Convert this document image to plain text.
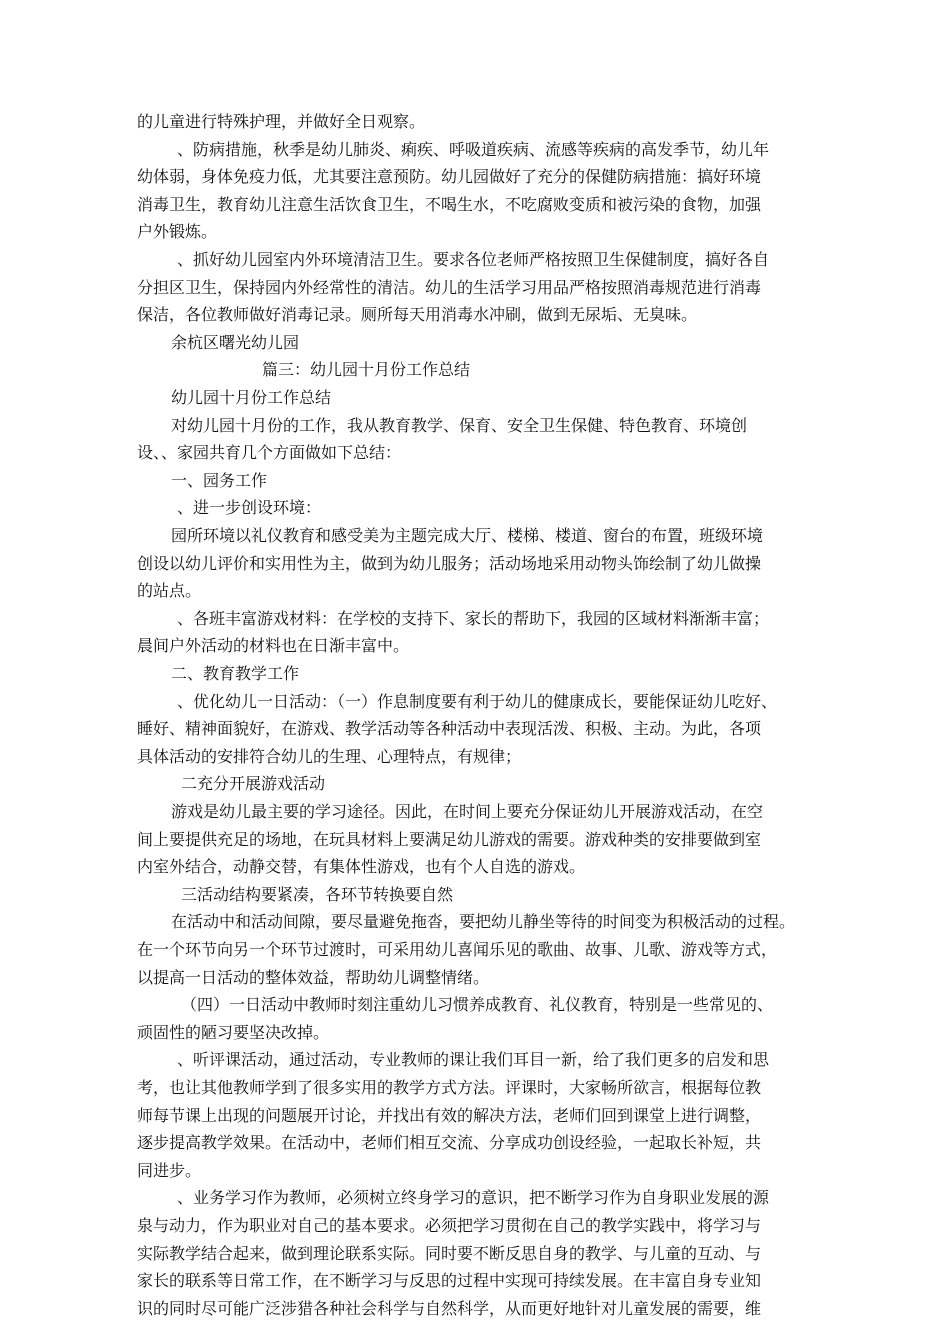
的儿童进行特殊护理，并做好全日观察。
、防病措施，秋季是幼儿肺炎、痢疾、呼吸道疾病、流感等疾病的高发季节，幼儿年
幼体弱，身体免疫力低，尤其要注意预防。幼儿园做好了充分的保健防病措施：搞好环境
消毒卫生，教育幼儿注意生活饮食卫生，不喝生水，不吃腐败变质和被污染的食物，加强
户外锻炼。
、抓好幼儿园室内外环境清洁卫生。要求各位老师严格按照卫生保健制度，搞好各自
分担区卫生，保持园内外经常性的清洁。幼儿的生活学习用品严格按照消毒规范进行消毒
保洁，各位教师做好消毒记录。厕所每天用消毒水冲刷，做到无尿垢、无臭味。
余杭区曙光幼儿园
篇三：幼儿园十月份工作总结
幼儿园十月份工作总结
对幼儿园十月份的工作，我从教育教学、保育、安全卫生保健、特色教育、环境创
设、、家园共育几个方面做如下总结：
一、园务工作
、进一步创设环境：
园所环境以礼仪教育和感受美为主题完成大厅、楼梯、楼道、窗台的布置，班级环境
创设以幼儿评价和实用性为主，做到为幼儿服务；活动场地采用动物头饰绘制了幼儿做操
的站点。
、各班丰富游戏材料：在学校的支持下、家长的帮助下，我园的区域材料渐渐丰富；
晨间户外活动的材料也在日渐丰富中。
二、教育教学工作
、优化幼儿一日活动：（一）作息制度要有利于幼儿的健康成长，要能保证幼儿吃好、
睡好、精神面貌好，在游戏、教学活动等各种活动中表现活泼、积极、主动。为此，各项
具体活动的安排符合幼儿的生理、心理特点，有规律；
二充分开展游戏活动
游戏是幼儿最主要的学习途径。因此，在时间上要充分保证幼儿开展游戏活动，在空
间上要提供充足的场地，在玩具材料上要满足幼儿游戏的需要。游戏种类的安排要做到室
内室外结合，动静交替，有集体性游戏，也有个人自选的游戏。
三活动结构要紧凑，各环节转换要自然
在活动中和活动间隙，要尽量避免拖沓，要把幼儿静坐等待的时间变为积极活动的过程。
在一个环节向另一个环节过渡时，可采用幼儿喜闻乐见的歌曲、故事、儿歌、游戏等方式，
以提高一日活动的整体效益，帮助幼儿调整情绪。
（四）一日活动中教师时刻注重幼儿习惯养成教育、礼仪教育，特别是一些常见的、
顽固性的陋习要坚决改掉。
、听评课活动，通过活动，专业教师的课让我们耳目一新，给了我们更多的启发和思
考，也让其他教师学到了很多实用的教学方式方法。评课时，大家畅所欲言，根据每位教
师每节课上出现的问题展开讨论，并找出有效的解决方法，老师们回到课堂上进行调整，
逐步提高教学效果。在活动中，老师们相互交流、分享成功创设经验，一起取长补短，共
同进步。
、业务学习作为教师，必须树立终身学习的意识，把不断学习作为自身职业发展的源
泉与动力，作为职业对自己的基本要求。必须把学习贯彻在自己的教学实践中，将学习与
实际教学结合起来，做到理论联系实际。同时要不断反思自身的教学、与儿童的互动、与
家长的联系等日常工作，在不断学习与反思的过程中实现可持续发展。在丰富自身专业知
识的同时尽可能广泛涉猎各种社会科学与自然科学，从而更好地针对儿童发展的需要，维
